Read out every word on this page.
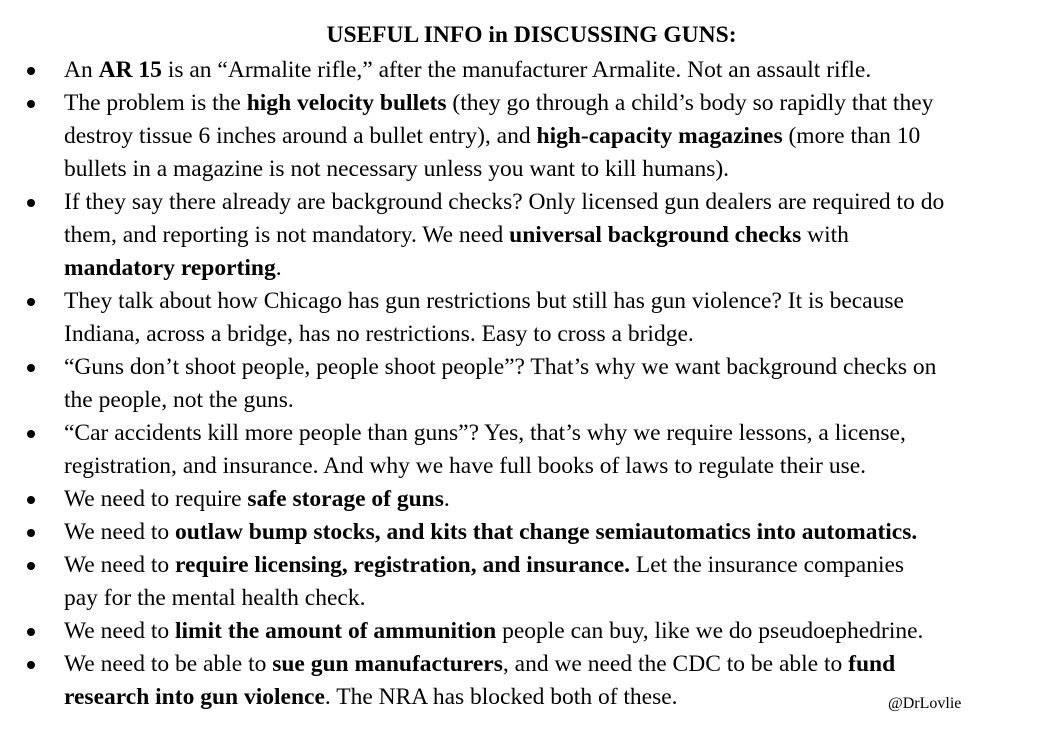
USEFUL INFO in DISCUSSING GUNS:
An AR 15 is an “Armalite rifle,” after the manufacturer Armalite. Not an assault rifle.
The problem is the high velocity bullets (they go through a child’s body so rapidly that they
destroy tissue 6 inches around a bullet entry), and high-capacity magazines (more than 10
bullets in a magazine is not necessary unless you want to kill humans).
If they say there already are background checks? Only licensed gun dealers are required to do
them, and reporting is not mandatory. We need universal background checks with
mandatory reporting.
They talk about how Chicago has gun restrictions but still has gun violence? It is because
Indiana, across a bridge, has no restrictions. Easy to cross a bridge.
“Guns don’t shoot people, people shoot people”? That’s why we want background checks on
the people, not the guns.
“Car accidents kill more people than guns”? Yes, that’s why we require lessons, a license,
registration, and insurance. And why we have full books of laws to regulate their use.
We need to require safe storage of guns.
We need to outlaw bump stocks, and kits that change semiautomatics into automatics.
We need to require licensing, registration, and insurance. Let the insurance companies
pay for the mental health check.
We need to limit the amount of ammunition people can buy, like we do pseudoephedrine.
We need to be able to sue gun manufacturers, and we need the CDC to be able to fund
research into gun violence. The NRA has blocked both of these.	@DrLovlie
